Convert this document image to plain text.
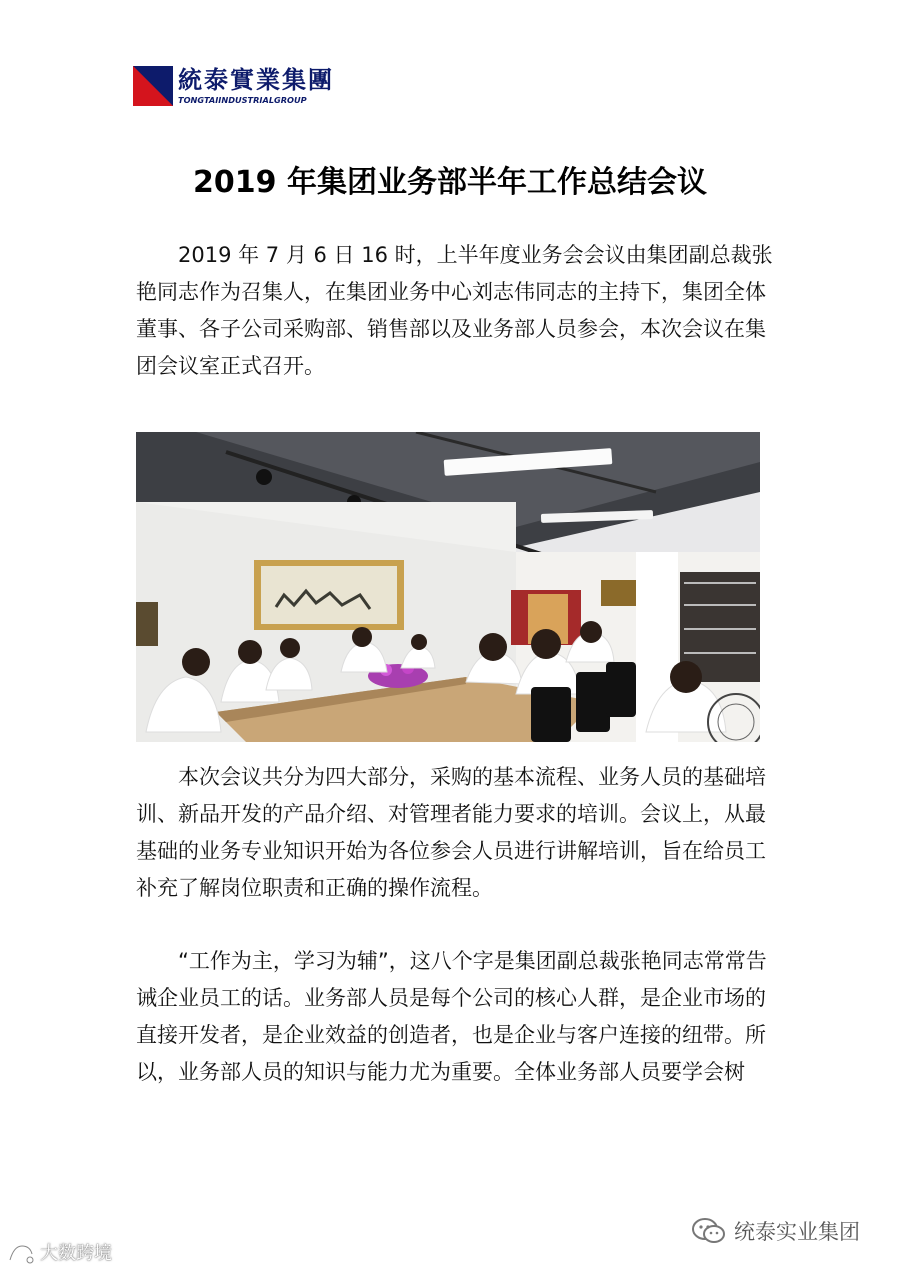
統泰實業集團
TONGTAIINDUSTRIALGROUP
2019 年集团业务部半年工作总结会议

2019 年 7 月 6 日 16 时，上半年度业务会会议由集团副总裁张艳同志作为召集人，在集团业务中心刘志伟同志的主持下，集团全体董事、各子公司采购部、销售部以及业务部人员参会，本次会议在集团会议室正式召开。

本次会议共分为四大部分，采购的基本流程、业务人员的基础培训、新品开发的产品介绍、对管理者能力要求的培训。会议上，从最基础的业务专业知识开始为各位参会人员进行讲解培训，旨在给员工补充了解岗位职责和正确的操作流程。

“工作为主，学习为辅”，这八个字是集团副总裁张艳同志常常告诫企业员工的话。业务部人员是每个公司的核心人群，是企业市场的直接开发者，是企业效益的创造者，也是企业与客户连接的纽带。所以，业务部人员的知识与能力尤为重要。全体业务部人员要学会树

统泰实业集团
大数跨境
